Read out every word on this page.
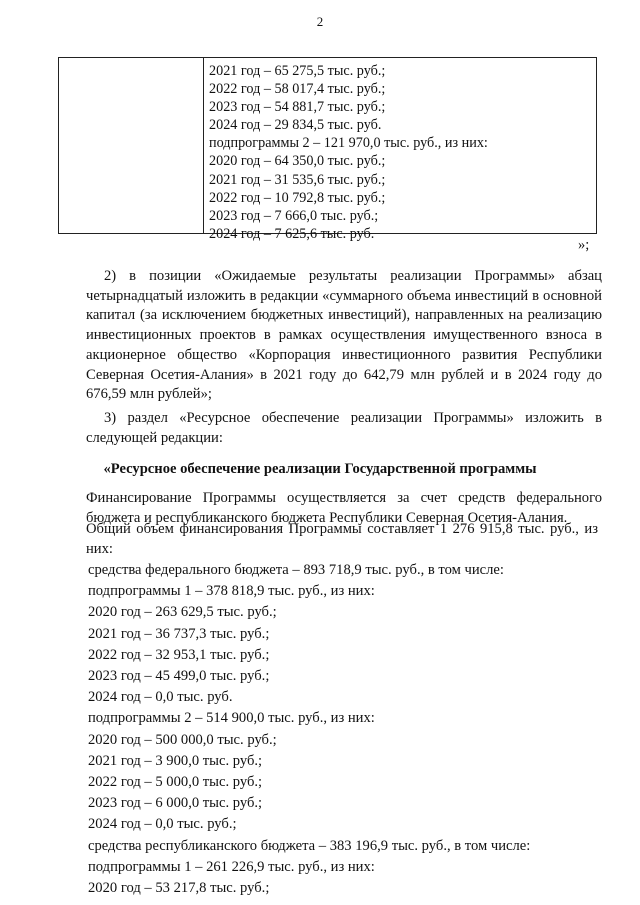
2
2021 год – 65 275,5 тыс. руб.;
2022 год – 58 017,4 тыс. руб.;
2023 год – 54 881,7 тыс. руб.;
2024 год – 29 834,5 тыс. руб.
подпрограммы 2 – 121 970,0 тыс. руб., из них:
2020 год – 64 350,0 тыс. руб.;
2021 год – 31 535,6 тыс. руб.;
2022 год – 10 792,8 тыс. руб.;
2023 год – 7 666,0 тыс. руб.;
2024 год – 7 625,6 тыс. руб.
»;
2) в позиции «Ожидаемые результаты реализации Программы» абзац четырнадцатый изложить в редакции «суммарного объема инвестиций в основной капитал (за исключением бюджетных инвестиций), направленных на реализацию инвестиционных проектов в рамках осуществления имущественного взноса в акционерное общество «Корпорация инвестиционного развития Республики Северная Осетия-Алания» в 2021 году до 642,79 млн рублей и в 2024 году до 676,59 млн рублей»;
3) раздел «Ресурсное обеспечение реализации Программы» изложить в следующей редакции:
«Ресурсное обеспечение реализации Государственной программы
Финансирование Программы осуществляется за счет средств федерального бюджета и республиканского бюджета Республики Северная Осетия-Алания.
Общий объем финансирования Программы составляет 1 276 915,8 тыс. руб., из них:
средства федерального бюджета – 893 718,9 тыс. руб., в том числе:
подпрограммы 1 – 378 818,9 тыс. руб., из них:
2020 год – 263 629,5 тыс. руб.;
2021 год – 36 737,3 тыс. руб.;
2022 год – 32 953,1 тыс. руб.;
2023 год – 45 499,0 тыс. руб.;
2024 год – 0,0 тыс. руб.
подпрограммы 2 – 514 900,0 тыс. руб., из них:
2020 год – 500 000,0 тыс. руб.;
2021 год – 3 900,0 тыс. руб.;
2022 год – 5 000,0 тыс. руб.;
2023 год – 6 000,0 тыс. руб.;
2024 год – 0,0 тыс. руб.;
средства республиканского бюджета – 383 196,9 тыс. руб., в том числе:
подпрограммы 1 – 261 226,9 тыс. руб., из них:
2020 год – 53 217,8 тыс. руб.;
